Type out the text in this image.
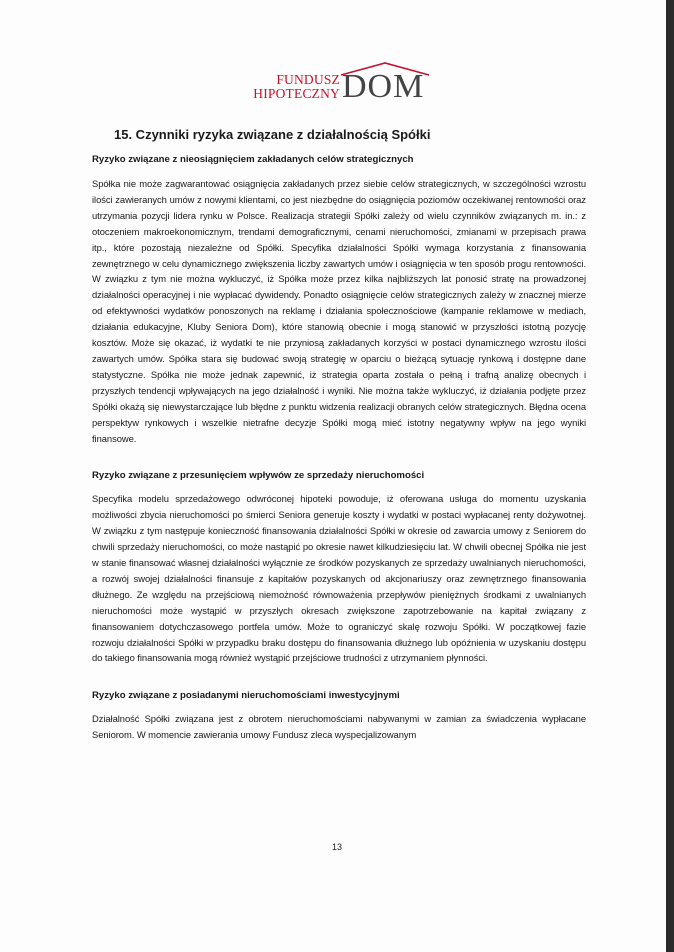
FUNDUSZ
HIPOTECZNY DOM
15. Czynniki ryzyka związane z działalnością Spółki
Ryzyko związane z nieosiągnięciem zakładanych celów strategicznych

Spółka nie może zagwarantować osiągnięcia zakładanych przez siebie celów strategicznych, w szczególności wzrostu ilości zawieranych umów z nowymi klientami, co jest niezbędne do osiągnięcia poziomów oczekiwanej rentowności oraz utrzymania pozycji lidera rynku w Polsce. Realizacja strategii Spółki zależy od wielu czynników związanych m. in.: z otoczeniem makroekonomicznym, trendami demograficznymi, cenami nieruchomości, zmianami w przepisach prawa itp., które pozostają niezależne od Spółki. Specyfika działalności Spółki wymaga korzystania z finansowania zewnętrznego w celu dynamicznego zwiększenia liczby zawartych umów i osiągnięcia w ten sposób progu rentowności. W związku z tym nie można wykluczyć, iż Spółka może przez kilka najbliższych lat ponosić stratę na prowadzonej działalności operacyjnej i nie wypłacać dywidendy. Ponadto osiągnięcie celów strategicznych zależy w znacznej mierze od efektywności wydatków ponoszonych na reklamę i działania społecznościowe (kampanie reklamowe w mediach, działania edukacyjne, Kluby Seniora Dom), które stanowią obecnie i mogą stanowić w przyszłości istotną pozycję kosztów. Może się okazać, iż wydatki te nie przyniosą zakładanych korzyści w postaci dynamicznego wzrostu ilości zawartych umów. Spółka stara się budować swoją strategię w oparciu o bieżącą sytuację rynkową i dostępne dane statystyczne. Spółka nie może jednak zapewnić, iż strategia oparta została o pełną i trafną analizę obecnych i przyszłych tendencji wpływających na jego działalność i wyniki. Nie można także wykluczyć, iż działania podjęte przez Spółki okażą się niewystarczające lub błędne z punktu widzenia realizacji obranych celów strategicznych. Błędna ocena perspektyw rynkowych i wszelkie nietrafne decyzje Spółki mogą mieć istotny negatywny wpływ na jego wyniki finansowe.

Ryzyko związane z przesunięciem wpływów ze sprzedaży nieruchomości

Specyfika modelu sprzedażowego odwróconej hipoteki powoduje, iż oferowana usługa do momentu uzyskania możliwości zbycia nieruchomości po śmierci Seniora generuje koszty i wydatki w postaci wypłacanej renty dożywotnej. W związku z tym następuje konieczność finansowania działalności Spółki w okresie od zawarcia umowy z Seniorem do chwili sprzedaży nieruchomości, co może nastąpić po okresie nawet kilkudziesięciu lat. W chwili obecnej Spółka nie jest w stanie finansować własnej działalności wyłącznie ze środków pozyskanych ze sprzedaży uwalnianych nieruchomości, a rozwój swojej działalności finansuje z kapitałów pozyskanych od akcjonariuszy oraz zewnętrznego finansowania dłużnego. Ze względu na przejściową niemożność równoważenia przepływów pieniężnych środkami z uwalnianych nieruchomości może wystąpić w przyszłych okresach zwiększone zapotrzebowanie na kapitał związany z finansowaniem dotychczasowego portfela umów. Może to ograniczyć skalę rozwoju Spółki. W początkowej fazie rozwoju działalności Spółki w przypadku braku dostępu do finansowania dłużnego lub opóźnienia w uzyskaniu dostępu do takiego finansowania mogą również wystąpić przejściowe trudności z utrzymaniem płynności.

Ryzyko związane z posiadanymi nieruchomościami inwestycyjnymi

Działalność Spółki związana jest z obrotem nieruchomościami nabywanymi w zamian za świadczenia wypłacane Seniorom. W momencie zawierania umowy Fundusz zleca wyspecjalizowanym

13
